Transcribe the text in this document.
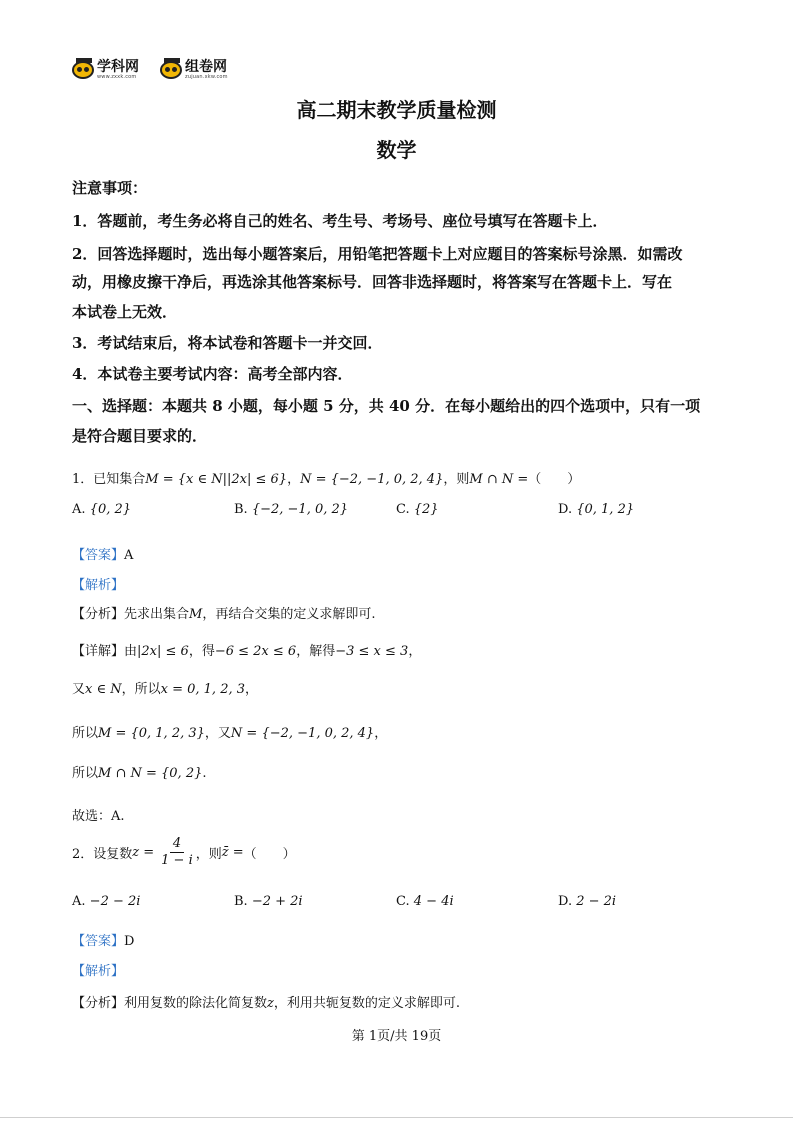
学科网
www.zxxk.com
组卷网
zujuan.xkw.com
高二期末教学质量检测
数学
注意事项：
1．答题前，考生务必将自己的姓名、考生号、考场号、座位号填写在答题卡上．
2．回答选择题时，选出每小题答案后，用铅笔把答题卡上对应题目的答案标号涂黑．如需改
动，用橡皮擦干净后，再选涂其他答案标号．回答非选择题时，将答案写在答题卡上．写在
本试卷上无效．
3．考试结束后，将本试卷和答题卡一并交回．
4．本试卷主要考试内容：高考全部内容．
一、选择题：本题共 8 小题，每小题 5 分，共 40 分．在每小题给出的四个选项中，只有一项
是符合题目要求的．
1．已知集合M = {x ∈ N||2x| ≤ 6}，N = {−2, −1, 0, 2, 4}，则M ∩ N =（　　）
A. {0, 2}	B. {−2, −1, 0, 2}	C. {2}	D. {0, 1, 2}
【答案】A
【解析】
【分析】先求出集合M，再结合交集的定义求解即可.
【详解】由|2x| ≤ 6，得−6 ≤ 2x ≤ 6，解得−3 ≤ x ≤ 3，
又x ∈ N，所以x = 0, 1, 2, 3，
所以M = {0, 1, 2, 3}，又N = {−2, −1, 0, 2, 4}，
所以M ∩ N = {0, 2}.
故选：A.
2．设复数 $z = \frac{4}{1 - i}$ ，则 z̄ = （　　）
A. −2 − 2i	B. −2 + 2i	C. 4 − 4i	D. 2 − 2i
【答案】D
【解析】
【分析】利用复数的除法化简复数z，利用共轭复数的定义求解即可.
第 1页/共 19页
